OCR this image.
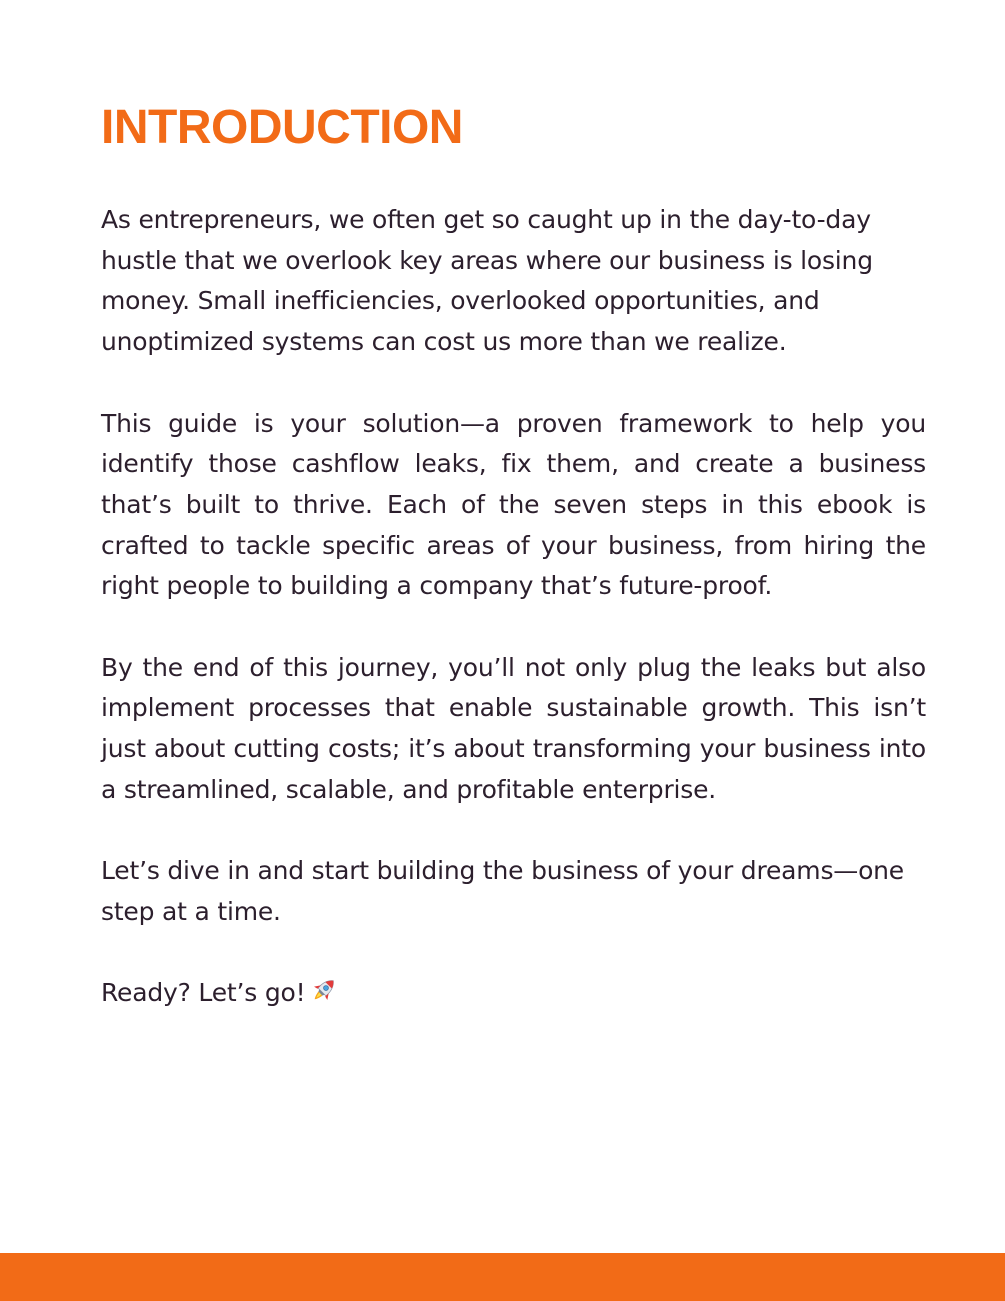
INTRODUCTION

As entrepreneurs, we often get so caught up in the day-to-day hustle that we overlook key areas where our business is losing money. Small inefficiencies, overlooked opportunities, and unoptimized systems can cost us more than we realize.

This guide is your solution—a proven framework to help you identify those cashflow leaks, fix them, and create a business that’s built to thrive. Each of the seven steps in this ebook is crafted to tackle specific areas of your business, from hiring the right people to building a company that’s future-proof.

By the end of this journey, you’ll not only plug the leaks but also implement processes that enable sustainable growth. This isn’t just about cutting costs; it’s about transforming your business into a streamlined, scalable, and profitable enterprise.

Let’s dive in and start building the business of your dreams—one step at a time.

Ready? Let’s go!
